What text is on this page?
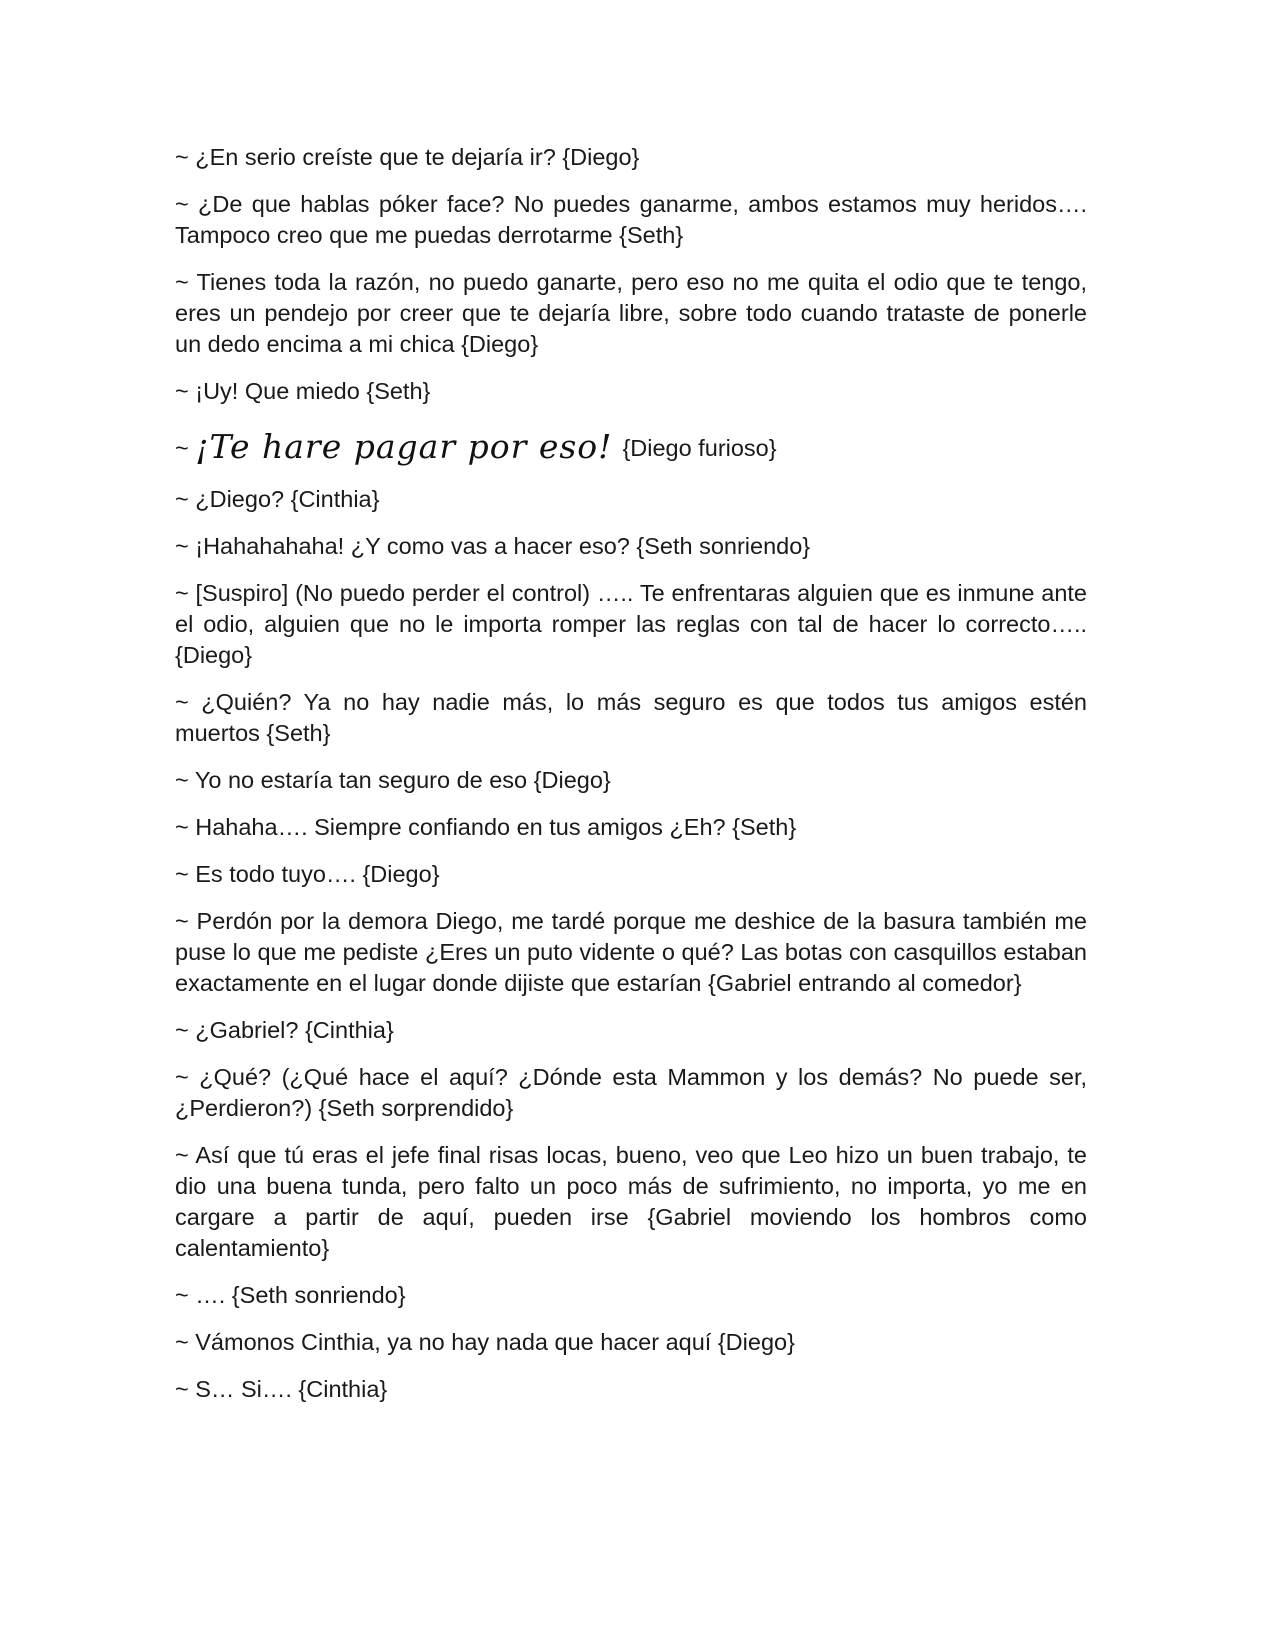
~ ¿En serio creíste que te dejaría ir? {Diego}

~ ¿De que hablas póker face? No puedes ganarme, ambos estamos muy heridos…. Tampoco creo que me puedas derrotarme {Seth}

~ Tienes toda la razón, no puedo ganarte, pero eso no me quita el odio que te tengo, eres un pendejo por creer que te dejaría libre, sobre todo cuando trataste de ponerle un dedo encima a mi chica {Diego}

~ ¡Uy! Que miedo {Seth}

~ ¡Te hare pagar por eso! {Diego furioso}

~ ¿Diego? {Cinthia}

~ ¡Hahahahaha! ¿Y como vas a hacer eso? {Seth sonriendo}

~ [Suspiro] (No puedo perder el control) ….. Te enfrentaras alguien que es inmune ante el odio, alguien que no le importa romper las reglas con tal de hacer lo correcto….. {Diego}

~ ¿Quién? Ya no hay nadie más, lo más seguro es que todos tus amigos estén muertos {Seth}

~ Yo no estaría tan seguro de eso {Diego}

~ Hahaha…. Siempre confiando en tus amigos ¿Eh? {Seth}

~ Es todo tuyo…. {Diego}

~ Perdón por la demora Diego, me tardé porque me deshice de la basura también me puse lo que me pediste ¿Eres un puto vidente o qué? Las botas con casquillos estaban exactamente en el lugar donde dijiste que estarían {Gabriel entrando al comedor}

~ ¿Gabriel? {Cinthia}

~ ¿Qué? (¿Qué hace el aquí? ¿Dónde esta Mammon y los demás? No puede ser, ¿Perdieron?) {Seth sorprendido}

~ Así que tú eras el jefe final risas locas, bueno, veo que Leo hizo un buen trabajo, te dio una buena tunda, pero falto un poco más de sufrimiento, no importa, yo me en cargare a partir de aquí, pueden irse {Gabriel moviendo los hombros como calentamiento}

~ …. {Seth sonriendo}

~ Vámonos Cinthia, ya no hay nada que hacer aquí {Diego}

~ S… Si…. {Cinthia}
